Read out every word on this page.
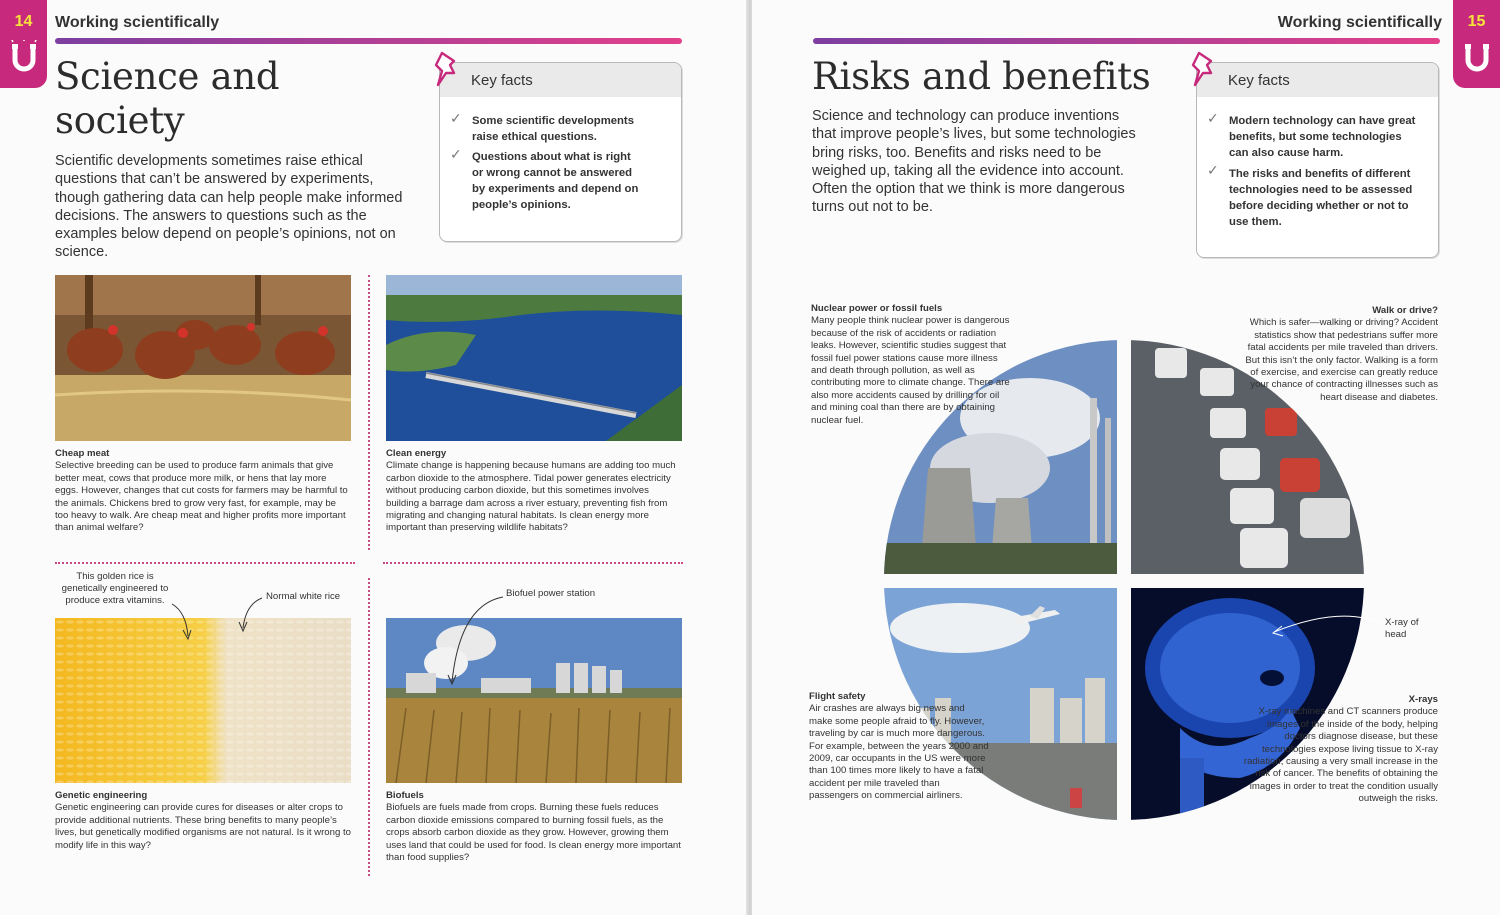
14	Working scientifically
Science and
society

Scientific developments sometimes raise ethical questions that can’t be answered by experiments, though gathering data can help people make informed decisions. The answers to questions such as the examples below depend on people’s opinions, not on science.

Key facts
✓ Some scientific developments raise ethical questions.
✓ Questions about what is right or wrong cannot be answered by experiments and depend on people’s opinions.
Cheap meat
Selective breeding can be used to produce farm animals that give better meat, cows that produce more milk, or hens that lay more eggs. However, changes that cut costs for farmers may be harmful to the animals. Chickens bred to grow very fast, for example, may be too heavy to walk. Are cheap meat and higher profits more important than animal welfare?
Clean energy
Climate change is happening because humans are adding too much carbon dioxide to the atmosphere. Tidal power generates electricity without producing carbon dioxide, but this sometimes involves building a barrage dam across a river estuary, preventing fish from migrating and changing natural habitats. Is clean energy more important than preserving wildlife habitats?
This golden rice is genetically engineered to produce extra vitamins.	Normal white rice
Genetic engineering
Genetic engineering can provide cures for diseases or alter crops to provide additional nutrients. These bring benefits to many people’s lives, but genetically modified organisms are not natural. Is it wrong to modify life in this way?
Biofuel power station
Biofuels
Biofuels are fuels made from crops. Burning these fuels reduces carbon dioxide emissions compared to burning fossil fuels, as the crops absorb carbon dioxide as they grow. However, growing them uses land that could be used for food. Is clean energy more important than food supplies?
15
Working scientifically
Risks and benefits

Science and technology can produce inventions that improve people’s lives, but some technologies bring risks, too. Benefits and risks need to be weighed up, taking all the evidence into account. Often the option that we think is more dangerous turns out not to be.

Key facts
✓ Modern technology can have great benefits, but some technologies can also cause harm.
✓ The risks and benefits of different technologies need to be assessed before deciding whether or not to use them.
Nuclear power or fossil fuels
Many people think nuclear power is dangerous because of the risk of accidents or radiation leaks. However, scientific studies suggest that fossil fuel power stations cause more illness and death through pollution, as well as contributing more to climate change. There are also more accidents caused by drilling for oil and mining coal than there are by obtaining nuclear fuel.
Walk or drive?
Which is safer—walking or driving? Accident statistics show that pedestrians suffer more fatal accidents per mile traveled than drivers. But this isn’t the only factor. Walking is a form of exercise, and exercise can greatly reduce your chance of contracting illnesses such as heart disease and diabetes.
Flight safety
Air crashes are always big news and make some people afraid to fly. However, traveling by car is much more dangerous. For example, between the years 2000 and 2009, car occupants in the US were more than 100 times more likely to have a fatal accident per mile traveled than passengers on commercial airliners.
X-rays
X-ray machines and CT scanners produce images of the inside of the body, helping doctors diagnose disease, but these technologies expose living tissue to X-ray radiation, causing a very small increase in the risk of cancer. The benefits of obtaining the images in order to treat the condition usually outweigh the risks.
X-ray of head
